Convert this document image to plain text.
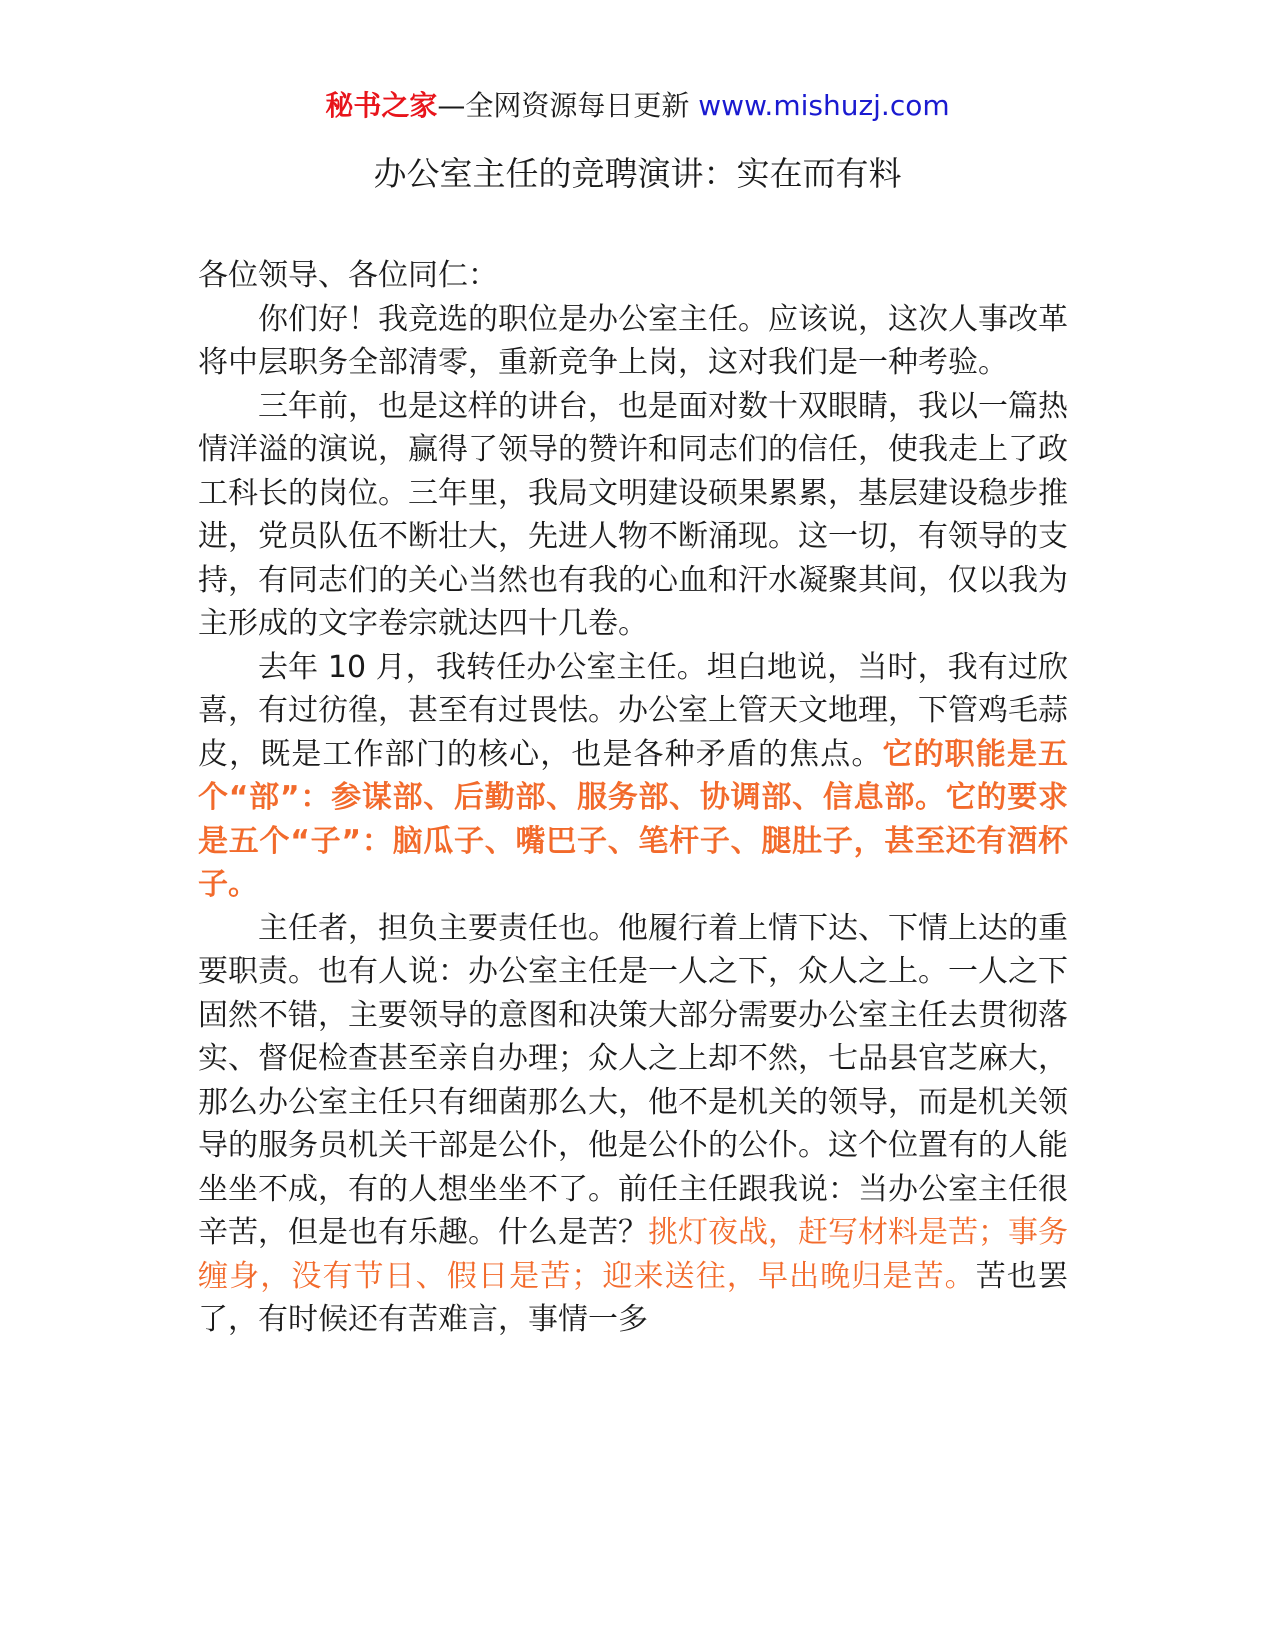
秘书之家—全网资源每日更新 www.mishuzj.com
办公室主任的竞聘演讲：实在而有料

各位领导、各位同仁：

你们好！我竞选的职位是办公室主任。应该说，这次人事改革将中层职务全部清零，重新竞争上岗，这对我们是一种考验。

三年前，也是这样的讲台，也是面对数十双眼睛，我以一篇热情洋溢的演说，赢得了领导的赞许和同志们的信任，使我走上了政工科长的岗位。三年里，我局文明建设硕果累累，基层建设稳步推进，党员队伍不断壮大，先进人物不断涌现。这一切，有领导的支持，有同志们的关心当然也有我的心血和汗水凝聚其间，仅以我为主形成的文字卷宗就达四十几卷。

去年 10 月，我转任办公室主任。坦白地说，当时，我有过欣喜，有过彷徨，甚至有过畏怯。办公室上管天文地理，下管鸡毛蒜皮，既是工作部门的核心，也是各种矛盾的焦点。它的职能是五个“部”：参谋部、后勤部、服务部、协调部、信息部。它的要求是五个“子”：脑瓜子、嘴巴子、笔杆子、腿肚子，甚至还有酒杯子。

主任者，担负主要责任也。他履行着上情下达、下情上达的重要职责。也有人说：办公室主任是一人之下，众人之上。一人之下固然不错，主要领导的意图和决策大部分需要办公室主任去贯彻落实、督促检查甚至亲自办理；众人之上却不然，七品县官芝麻大，那么办公室主任只有细菌那么大，他不是机关的领导，而是机关领导的服务员机关干部是公仆，他是公仆的公仆。这个位置有的人能坐坐不成，有的人想坐坐不了。前任主任跟我说：当办公室主任很辛苦，但是也有乐趣。什么是苦？挑灯夜战，赶写材料是苦；事务缠身，没有节日、假日是苦；迎来送往，早出晚归是苦。苦也罢了，有时候还有苦难言，事情一多
